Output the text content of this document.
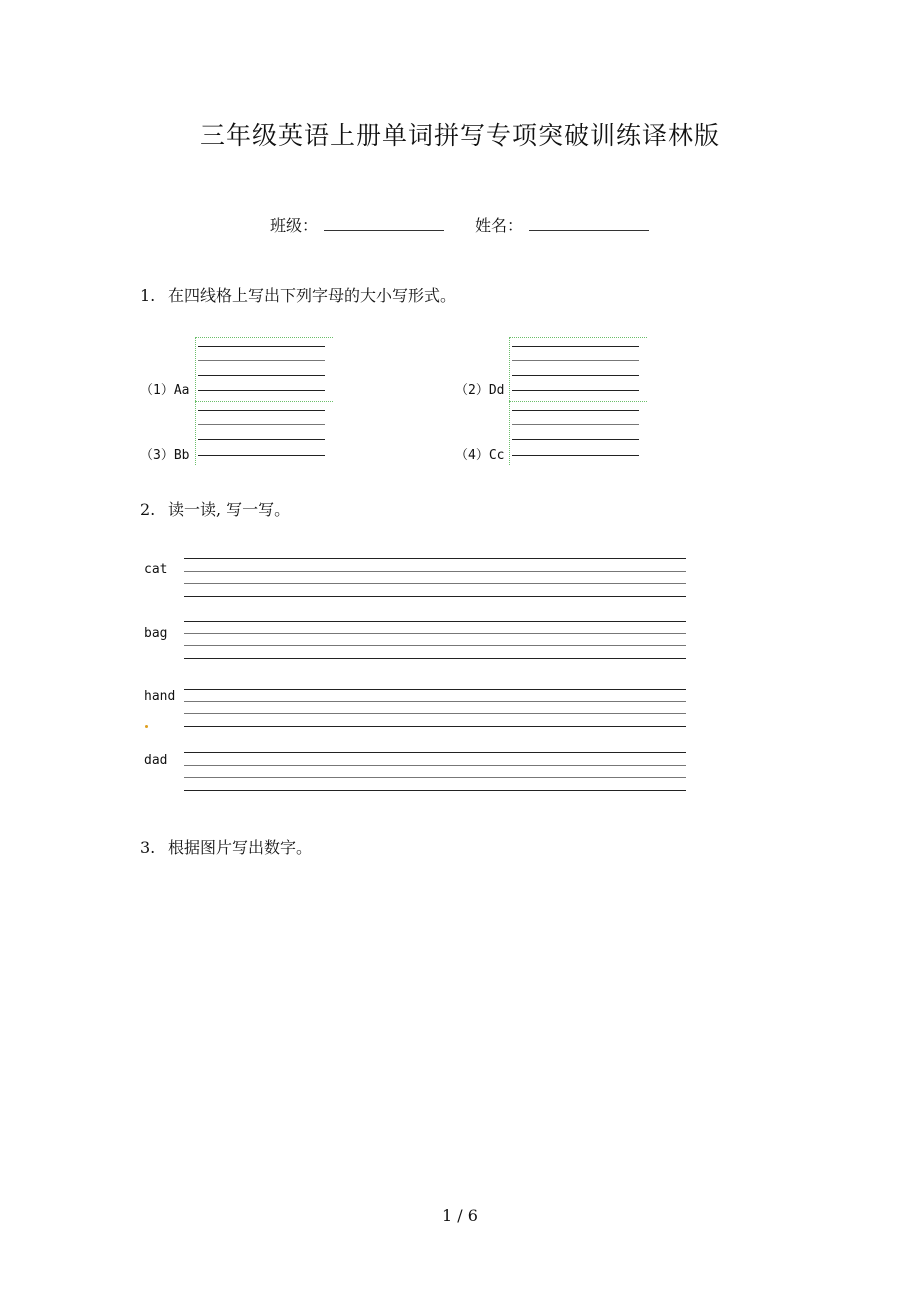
三年级英语上册单词拼写专项突破训练译林版
班级：	姓名：
1. 在四线格上写出下列字母的大小写形式。
（1）Aa
（3）Bb
（2）Dd
（4）Cc
2. 读一读, 写一写。
cat
bag
hand
dad
3. 根据图片写出数字。
1 / 6
